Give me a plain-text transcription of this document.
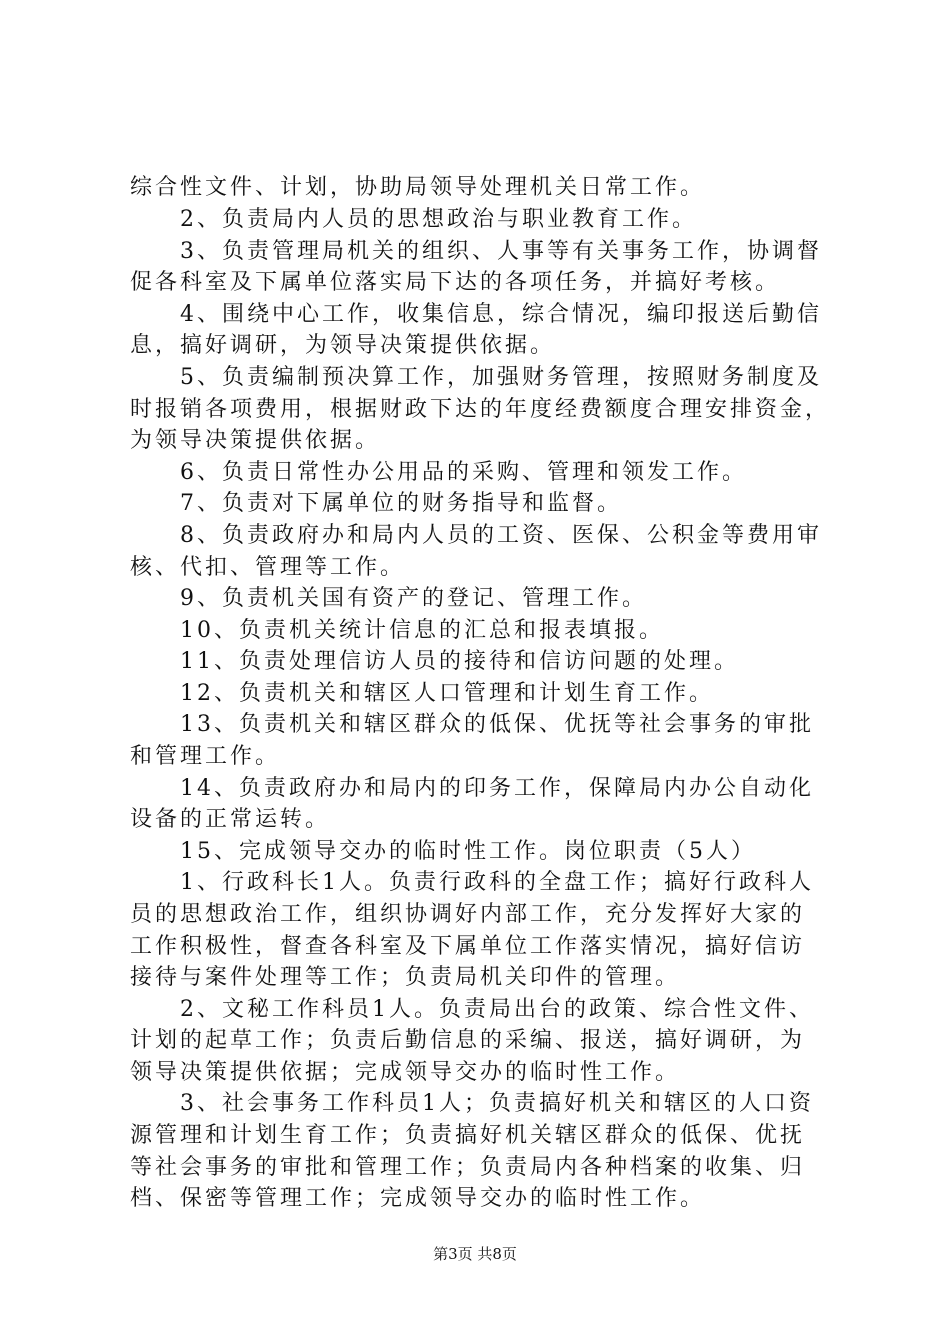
综合性文件、计划，协助局领导处理机关日常工作。

　　2、负责局内人员的思想政治与职业教育工作。

　　3、负责管理局机关的组织、人事等有关事务工作，协调督

促各科室及下属单位落实局下达的各项任务，并搞好考核。

　　4、围绕中心工作，收集信息，综合情况，编印报送后勤信

息，搞好调研，为领导决策提供依据。

　　5、负责编制预决算工作，加强财务管理，按照财务制度及

时报销各项费用，根据财政下达的年度经费额度合理安排资金，

为领导决策提供依据。

　　6、负责日常性办公用品的采购、管理和领发工作。

　　7、负责对下属单位的财务指导和监督。

　　8、负责政府办和局内人员的工资、医保、公积金等费用审

核、代扣、管理等工作。

　　9、负责机关国有资产的登记、管理工作。

　　10、负责机关统计信息的汇总和报表填报。

　　11、负责处理信访人员的接待和信访问题的处理。

　　12、负责机关和辖区人口管理和计划生育工作。

　　13、负责机关和辖区群众的低保、优抚等社会事务的审批

和管理工作。

　　14、负责政府办和局内的印务工作，保障局内办公自动化

设备的正常运转。

　　15、完成领导交办的临时性工作。岗位职责（5人）

　　1、行政科长1人。负责行政科的全盘工作；搞好行政科人

员的思想政治工作，组织协调好内部工作，充分发挥好大家的

工作积极性，督查各科室及下属单位工作落实情况，搞好信访

接待与案件处理等工作；负责局机关印件的管理。

　　2、文秘工作科员1人。负责局出台的政策、综合性文件、

计划的起草工作；负责后勤信息的采编、报送，搞好调研，为

领导决策提供依据；完成领导交办的临时性工作。

　　3、社会事务工作科员1人；负责搞好机关和辖区的人口资

源管理和计划生育工作；负责搞好机关辖区群众的低保、优抚

等社会事务的审批和管理工作；负责局内各种档案的收集、归

档、保密等管理工作；完成领导交办的临时性工作。

第3页 共8页
